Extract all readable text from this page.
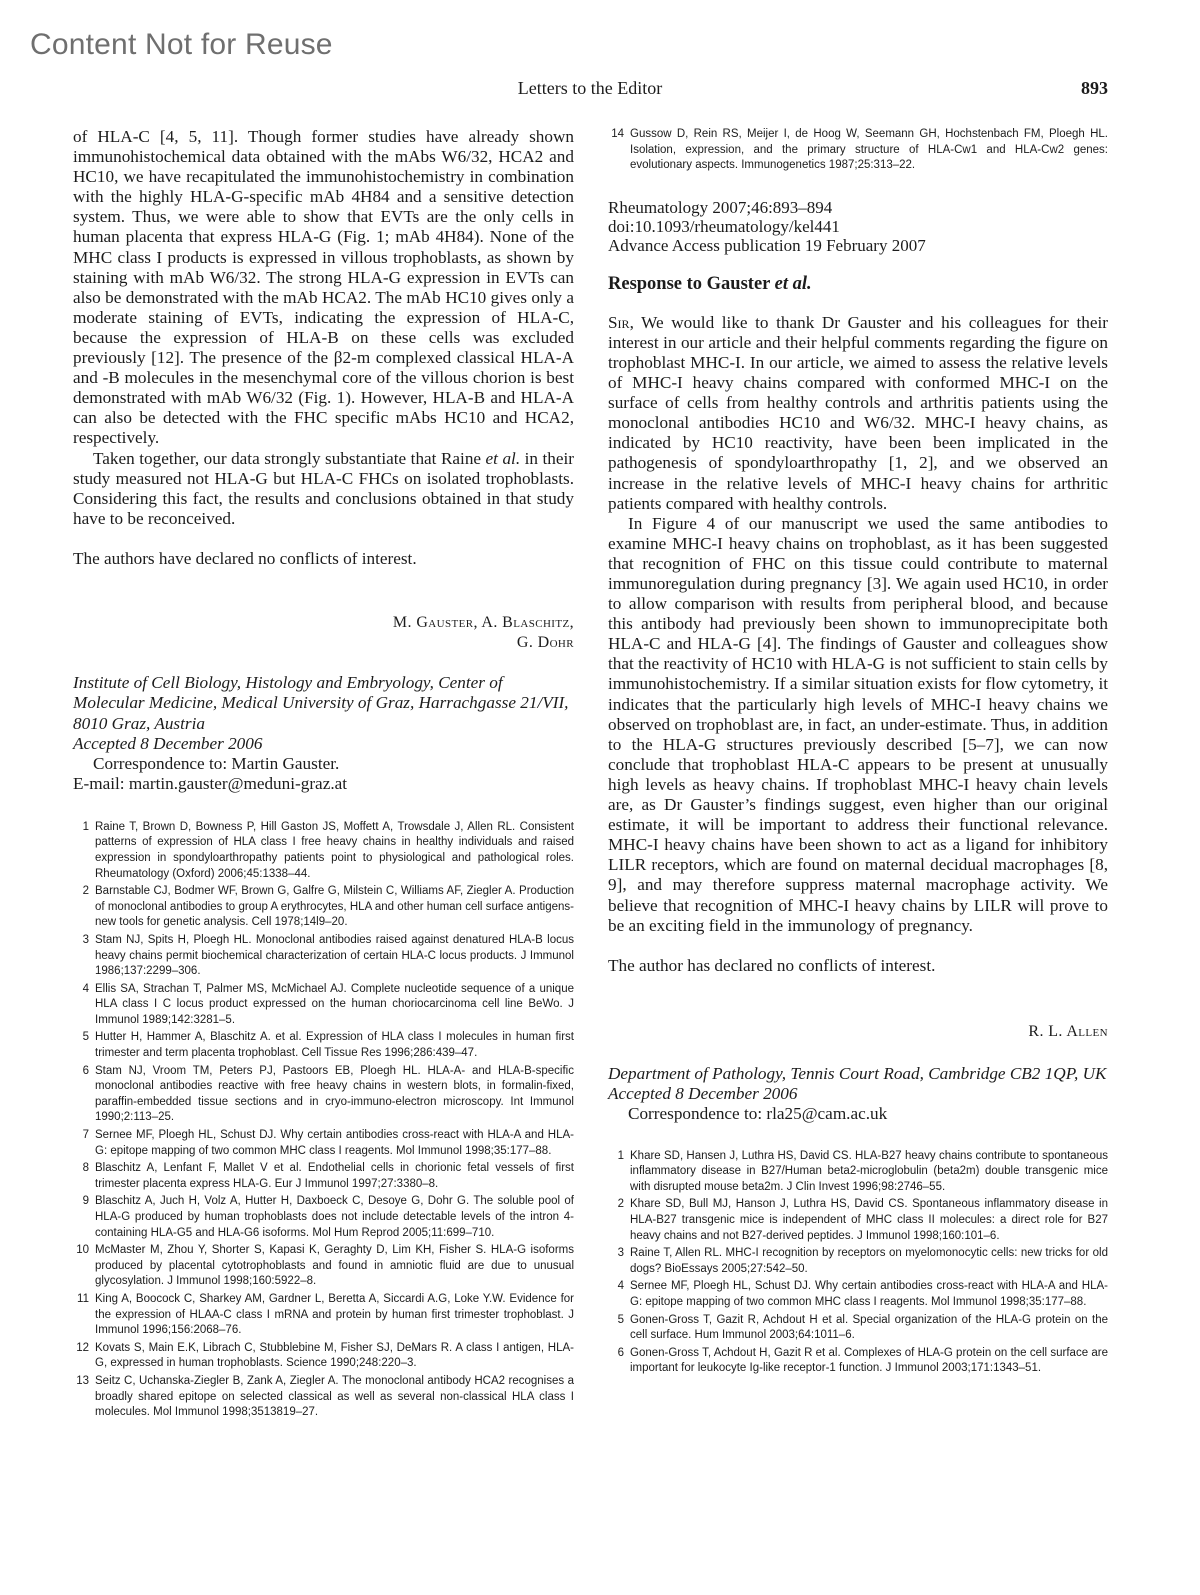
Content Not for Reuse
Letters to the Editor	893

of HLA-C [4, 5, 11]. Though former studies have already shown immunohistochemical data obtained with the mAbs W6/32, HCA2 and HC10, we have recapitulated the immunohistochemistry in combination with the highly HLA-G-specific mAb 4H84 and a sensitive detection system. Thus, we were able to show that EVTs are the only cells in human placenta that express HLA-G (Fig. 1; mAb 4H84). None of the MHC class I products is expressed in villous trophoblasts, as shown by staining with mAb W6/32. The strong HLA-G expression in EVTs can also be demonstrated with the mAb HCA2. The mAb HC10 gives only a moderate staining of EVTs, indicating the expression of HLA-C, because the expression of HLA-B on these cells was excluded previously [12]. The presence of the β2-m complexed classical HLA-A and -B molecules in the mesenchymal core of the villous chorion is best demonstrated with mAb W6/32 (Fig. 1). However, HLA-B and HLA-A can also be detected with the FHC specific mAbs HC10 and HCA2, respectively.

Taken together, our data strongly substantiate that Raine et al. in their study measured not HLA-G but HLA-C FHCs on isolated trophoblasts. Considering this fact, the results and conclusions obtained in that study have to be reconceived.

The authors have declared no conflicts of interest.

M. Gauster, A. Blaschitz,

G. Dohr

Institute of Cell Biology, Histology and Embryology, Center of Molecular Medicine, Medical University of Graz, Harrachgasse 21/VII, 8010 Graz, Austria

Accepted 8 December 2006

Correspondence to: Martin Gauster.

E-mail: martin.gauster@meduni-graz.at

1 Raine T, Brown D, Bowness P, Hill Gaston JS, Moffett A, Trowsdale J, Allen RL. Consistent patterns of expression of HLA class I free heavy chains in healthy individuals and raised expression in spondyloarthropathy patients point to physiological and pathological roles. Rheumatology (Oxford) 2006;45:1338–44.
2 Barnstable CJ, Bodmer WF, Brown G, Galfre G, Milstein C, Williams AF, Ziegler A. Production of monoclonal antibodies to group A erythrocytes, HLA and other human cell surface antigens-new tools for genetic analysis. Cell 1978;14l9–20.
3 Stam NJ, Spits H, Ploegh HL. Monoclonal antibodies raised against denatured HLA-B locus heavy chains permit biochemical characterization of certain HLA-C locus products. J Immunol 1986;137:2299–306.
4 Ellis SA, Strachan T, Palmer MS, McMichael AJ. Complete nucleotide sequence of a unique HLA class I C locus product expressed on the human choriocarcinoma cell line BeWo. J Immunol 1989;142:3281–5.
5 Hutter H, Hammer A, Blaschitz A. et al. Expression of HLA class I molecules in human first trimester and term placenta trophoblast. Cell Tissue Res 1996;286:439–47.
6 Stam NJ, Vroom TM, Peters PJ, Pastoors EB, Ploegh HL. HLA-A- and HLA-B-specific monoclonal antibodies reactive with free heavy chains in western blots, in formalin-fixed, paraffin-embedded tissue sections and in cryo-immuno-electron microscopy. Int Immunol 1990;2:113–25.
7 Sernee MF, Ploegh HL, Schust DJ. Why certain antibodies cross-react with HLA-A and HLA-G: epitope mapping of two common MHC class I reagents. Mol Immunol 1998;35:177–88.
8 Blaschitz A, Lenfant F, Mallet V et al. Endothelial cells in chorionic fetal vessels of first trimester placenta express HLA-G. Eur J Immunol 1997;27:3380–8.
9 Blaschitz A, Juch H, Volz A, Hutter H, Daxboeck C, Desoye G, Dohr G. The soluble pool of HLA-G produced by human trophoblasts does not include detectable levels of the intron 4-containing HLA-G5 and HLA-G6 isoforms. Mol Hum Reprod 2005;11:699–710.
10 McMaster M, Zhou Y, Shorter S, Kapasi K, Geraghty D, Lim KH, Fisher S. HLA-G isoforms produced by placental cytotrophoblasts and found in amniotic fluid are due to unusual glycosylation. J Immunol 1998;160:5922–8.
11 King A, Boocock C, Sharkey AM, Gardner L, Beretta A, Siccardi A.G, Loke Y.W. Evidence for the expression of HLAA-C class I mRNA and protein by human first trimester trophoblast. J Immunol 1996;156:2068–76.
12 Kovats S, Main E.K, Librach C, Stubblebine M, Fisher SJ, DeMars R. A class I antigen, HLA-G, expressed in human trophoblasts. Science 1990;248:220–3.
13 Seitz C, Uchanska-Ziegler B, Zank A, Ziegler A. The monoclonal antibody HCA2 recognises a broadly shared epitope on selected classical as well as several non-classical HLA class I molecules. Mol Immunol 1998;3513819–27.
14 Gussow D, Rein RS, Meijer I, de Hoog W, Seemann GH, Hochstenbach FM, Ploegh HL. Isolation, expression, and the primary structure of HLA-Cw1 and HLA-Cw2 genes: evolutionary aspects. Immunogenetics 1987;25:313–22.

Rheumatology 2007;46:893–894

doi:10.1093/rheumatology/kel441

Advance Access publication 19 February 2007

Response to Gauster et al.

Sir, We would like to thank Dr Gauster and his colleagues for their interest in our article and their helpful comments regarding the figure on trophoblast MHC-I. In our article, we aimed to assess the relative levels of MHC-I heavy chains compared with conformed MHC-I on the surface of cells from healthy controls and arthritis patients using the monoclonal antibodies HC10 and W6/32. MHC-I heavy chains, as indicated by HC10 reactivity, have been been implicated in the pathogenesis of spondyloarthropathy [1, 2], and we observed an increase in the relative levels of MHC-I heavy chains for arthritic patients compared with healthy controls.

In Figure 4 of our manuscript we used the same antibodies to examine MHC-I heavy chains on trophoblast, as it has been suggested that recognition of FHC on this tissue could contribute to maternal immunoregulation during pregnancy [3]. We again used HC10, in order to allow comparison with results from peripheral blood, and because this antibody had previously been shown to immunoprecipitate both HLA-C and HLA-G [4]. The findings of Gauster and colleagues show that the reactivity of HC10 with HLA-G is not sufficient to stain cells by immunohistochemistry. If a similar situation exists for flow cytometry, it indicates that the particularly high levels of MHC-I heavy chains we observed on trophoblast are, in fact, an under-estimate. Thus, in addition to the HLA-G structures previously described [5–7], we can now conclude that trophoblast HLA-C appears to be present at unusually high levels as heavy chains. If trophoblast MHC-I heavy chain levels are, as Dr Gauster’s findings suggest, even higher than our original estimate, it will be important to address their functional relevance. MHC-I heavy chains have been shown to act as a ligand for inhibitory LILR receptors, which are found on maternal decidual macrophages [8, 9], and may therefore suppress maternal macrophage activity. We believe that recognition of MHC-I heavy chains by LILR will prove to be an exciting field in the immunology of pregnancy.

The author has declared no conflicts of interest.

R. L. Allen

Department of Pathology, Tennis Court Road, Cambridge CB2 1QP, UK

Accepted 8 December 2006

Correspondence to: rla25@cam.ac.uk

1 Khare SD, Hansen J, Luthra HS, David CS. HLA-B27 heavy chains contribute to spontaneous inflammatory disease in B27/Human beta2-microglobulin (beta2m) double transgenic mice with disrupted mouse beta2m. J Clin Invest 1996;98:2746–55.
2 Khare SD, Bull MJ, Hanson J, Luthra HS, David CS. Spontaneous inflammatory disease in HLA-B27 transgenic mice is independent of MHC class II molecules: a direct role for B27 heavy chains and not B27-derived peptides. J Immunol 1998;160:101–6.
3 Raine T, Allen RL. MHC-I recognition by receptors on myelomonocytic cells: new tricks for old dogs? BioEssays 2005;27:542–50.
4 Sernee MF, Ploegh HL, Schust DJ. Why certain antibodies cross-react with HLA-A and HLA-G: epitope mapping of two common MHC class I reagents. Mol Immunol 1998;35:177–88.
5 Gonen-Gross T, Gazit R, Achdout H et al. Special organization of the HLA-G protein on the cell surface. Hum Immunol 2003;64:1011–6.
6 Gonen-Gross T, Achdout H, Gazit R et al. Complexes of HLA-G protein on the cell surface are important for leukocyte Ig-like receptor-1 function. J Immunol 2003;171:1343–51.
